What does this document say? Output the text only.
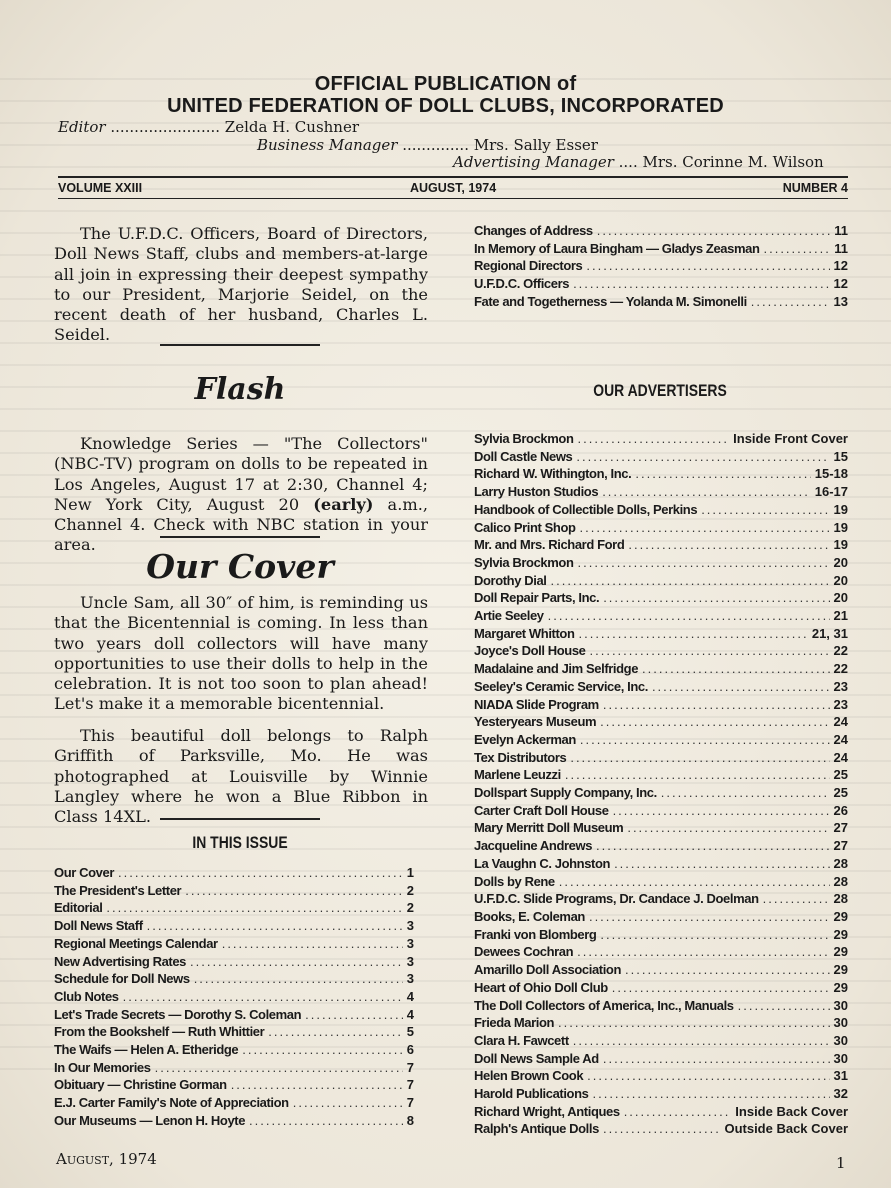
OFFICIAL PUBLICATION of
UNITED FEDERATION OF DOLL CLUBS, INCORPORATED
Editor ....................... Zelda H. Cushner
Business Manager .............. Mrs. Sally Esser
Advertising Manager .... Mrs. Corinne M. Wilson
VOLUME XXIII	AUGUST, 1974	NUMBER 4
The U.F.D.C. Officers, Board of Directors, Doll News Staff, clubs and members-at-large all join in expressing their deepest sympathy to our President, Marjorie Seidel, on the recent death of her husband, Charles L. Seidel.
Flash
Knowledge Series — "The Collectors" (NBC-TV) program on dolls to be repeated in Los Angeles, August 17 at 2:30, Channel 4; New York City, August 20 (early) a.m., Channel 4. Check with NBC station in your area.
Our Cover
Uncle Sam, all 30″ of him, is reminding us that the Bicentennial is coming. In less than two years doll collectors will have many opportunities to use their dolls to help in the celebration. It is not too soon to plan ahead! Let's make it a memorable bicentennial.
This beautiful doll belongs to Ralph Griffith of Parksville, Mo. He was photographed at Louisville by Winnie Langley where he won a Blue Ribbon in Class 14XL.
IN THIS ISSUE
Our Cover .....	1
The President's Letter .....	2
Editorial .....	2
Doll News Staff .....	3
Regional Meetings Calendar .....	3
New Advertising Rates .....	3
Schedule for Doll News .....	3
Club Notes .....	4
Let's Trade Secrets — Dorothy S. Coleman .....	4
From the Bookshelf — Ruth Whittier .....	5
The Waifs — Helen A. Etheridge .....	6
In Our Memories .....	7
Obituary — Christine Gorman .....	7
E.J. Carter Family's Note of Appreciation .....	7
Our Museums — Lenon H. Hoyte .....	8
Changes of Address .....	11
In Memory of Laura Bingham — Gladys Zeasman .....	11
Regional Directors .....	12
U.F.D.C. Officers .....	12
Fate and Togetherness — Yolanda M. Simonelli .....	13
OUR ADVERTISERS
Sylvia Brockmon .....	Inside Front Cover
Doll Castle News .....	15
Richard W. Withington, Inc. .....	15-18
Larry Huston Studios .....	16-17
Handbook of Collectible Dolls, Perkins .....	19
Calico Print Shop .....	19
Mr. and Mrs. Richard Ford .....	19
Sylvia Brockmon .....	20
Dorothy Dial .....	20
Doll Repair Parts, Inc. .....	20
Artie Seeley .....	21
Margaret Whitton .....	21, 31
Joyce's Doll House .....	22
Madalaine and Jim Selfridge .....	22
Seeley's Ceramic Service, Inc. .....	23
NIADA Slide Program .....	23
Yesteryears Museum .....	24
Evelyn Ackerman .....	24
Tex Distributors .....	24
Marlene Leuzzi .....	25
Dollspart Supply Company, Inc. .....	25
Carter Craft Doll House .....	26
Mary Merritt Doll Museum .....	27
Jacqueline Andrews .....	27
La Vaughn C. Johnston .....	28
Dolls by Rene .....	28
U.F.D.C. Slide Programs, Dr. Candace J. Doelman .....	28
Books, E. Coleman .....	29
Franki von Blomberg .....	29
Dewees Cochran .....	29
Amarillo Doll Association .....	29
Heart of Ohio Doll Club .....	29
The Doll Collectors of America, Inc., Manuals .....	30
Frieda Marion .....	30
Clara H. Fawcett .....	30
Doll News Sample Ad .....	30
Helen Brown Cook .....	31
Harold Publications .....	32
Richard Wright, Antiques .....	Inside Back Cover
Ralph's Antique Dolls .....	Outside Back Cover
August, 1974	1
